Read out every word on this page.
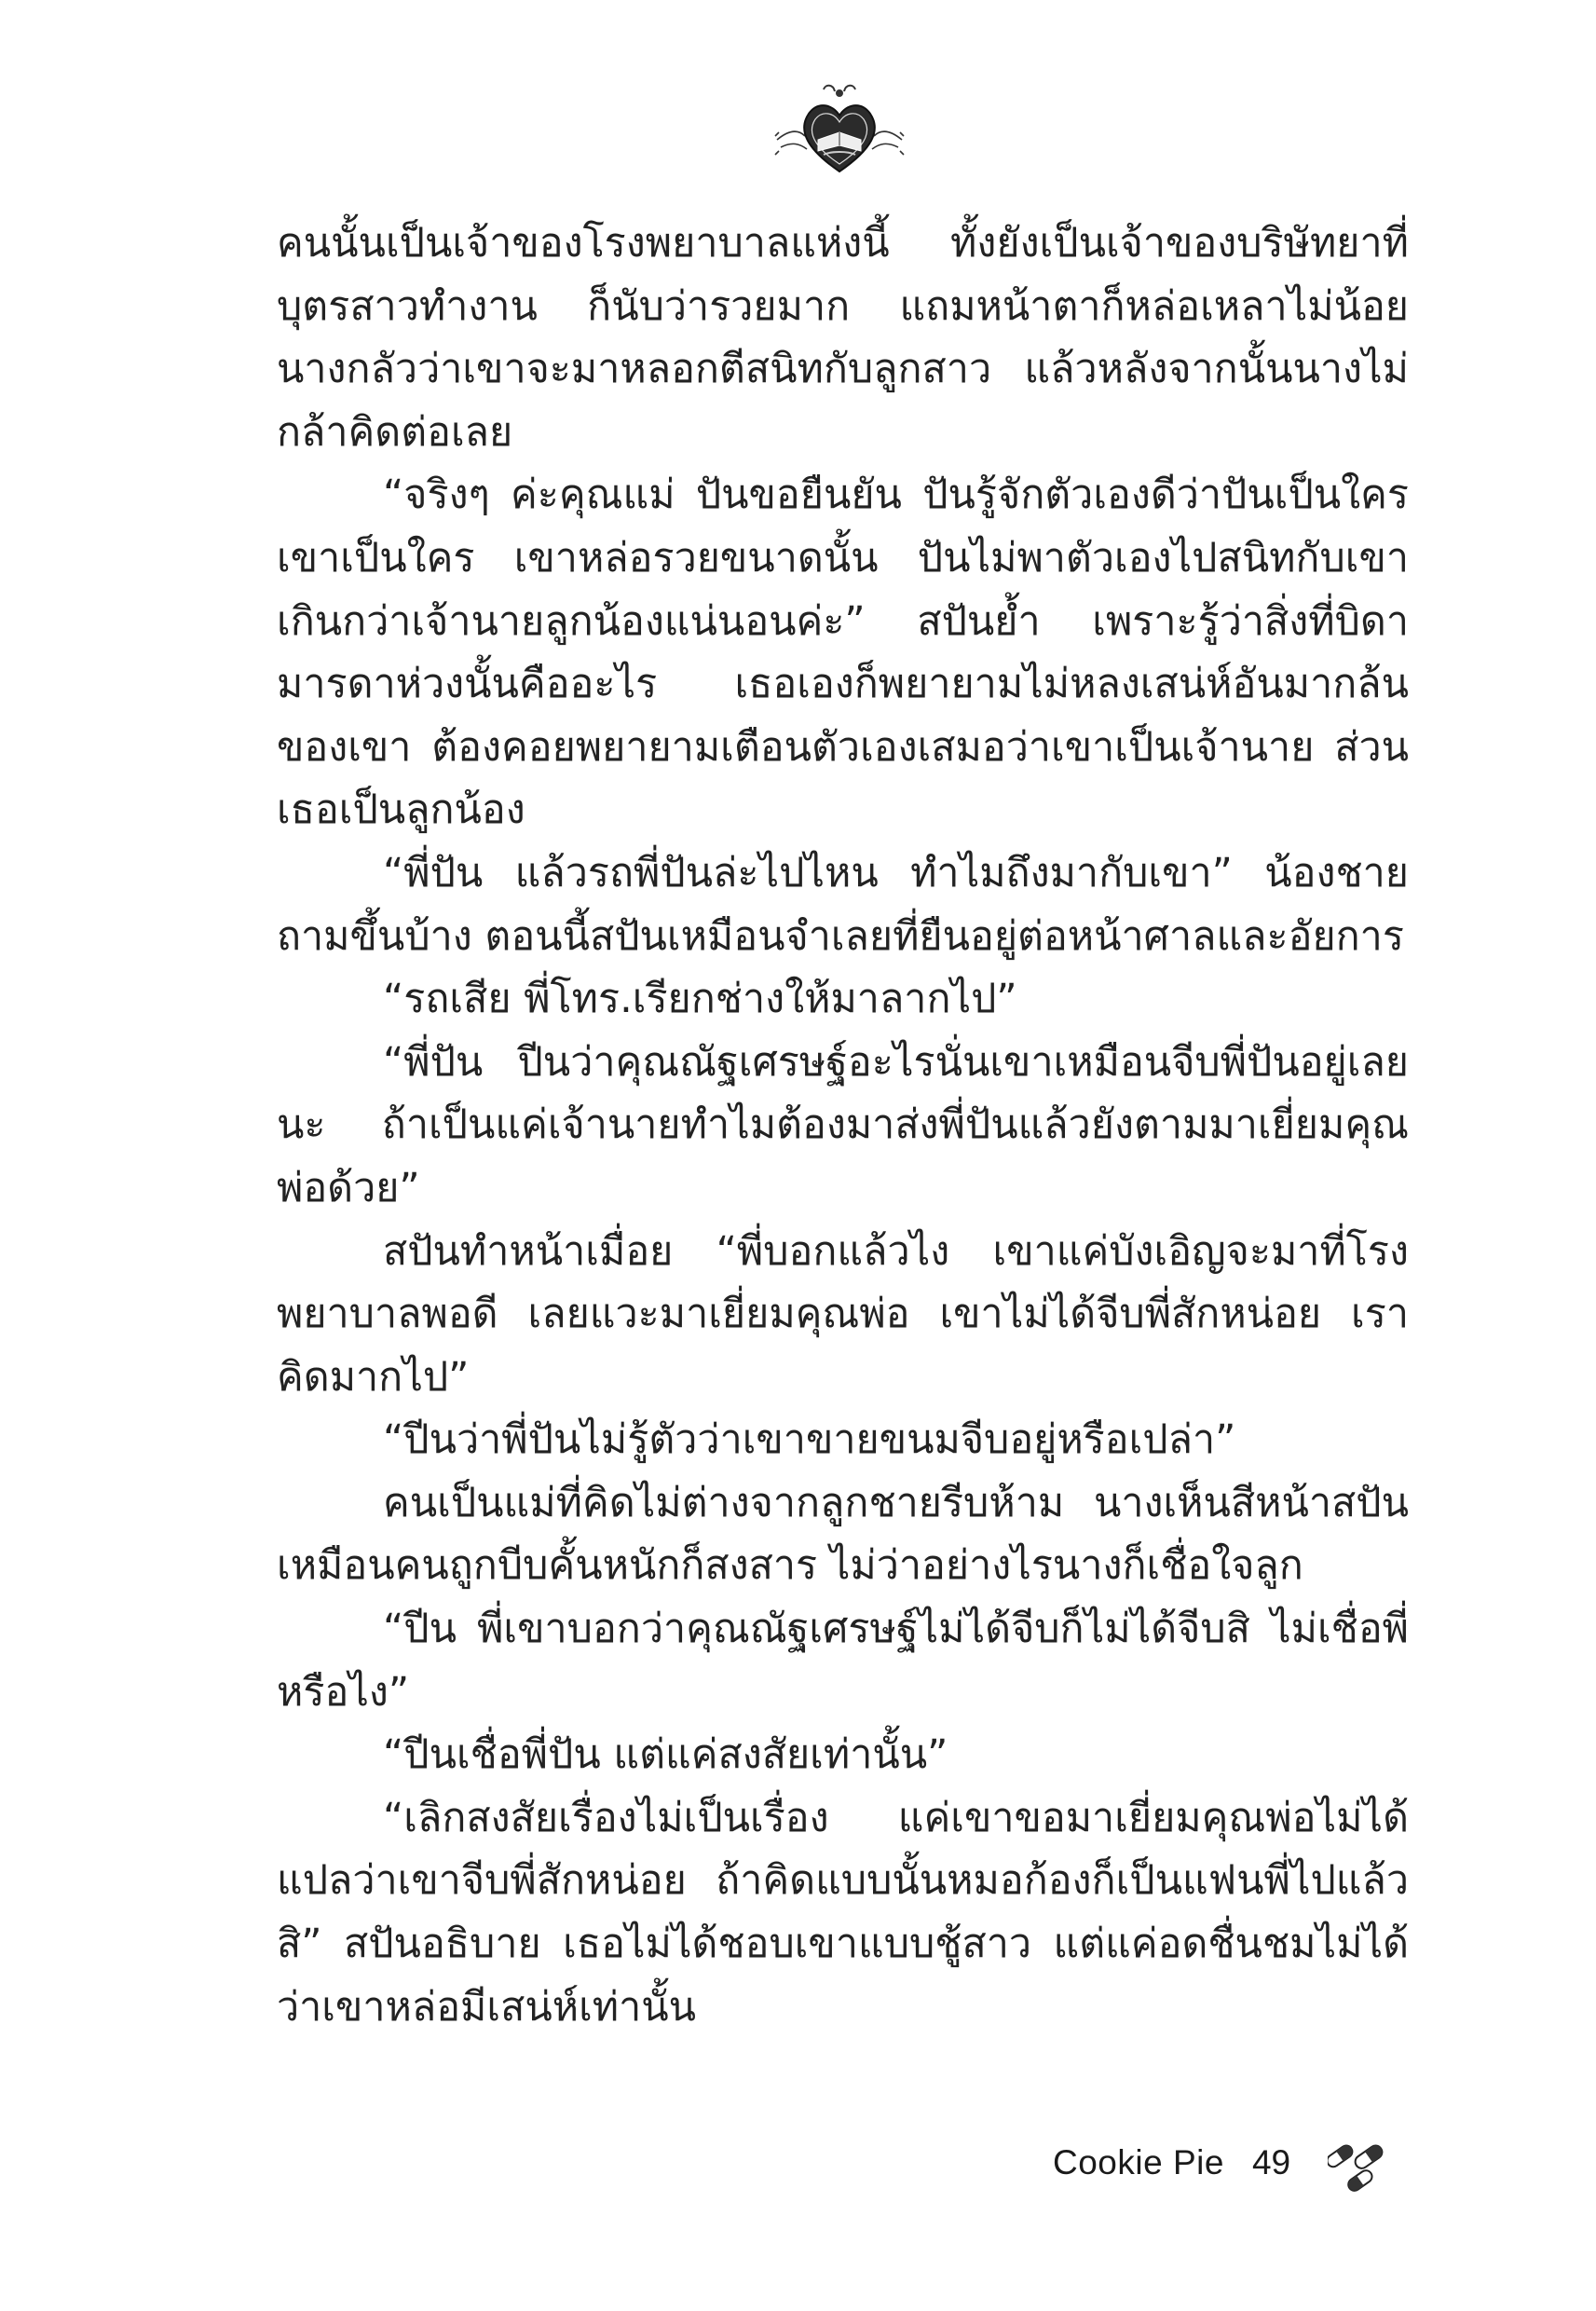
คนนั้นเป็นเจ้าของโรงพยาบาลแห่งนี้ ทั้งยังเป็นเจ้าของบริษัทยาที่บุตรสาวทำงาน ก็นับว่ารวยมาก แถมหน้าตาก็หล่อเหลาไม่น้อย นางกลัวว่าเขาจะมาหลอกตีสนิทกับลูกสาว แล้วหลังจากนั้นนางไม่กล้าคิดต่อเลย

“จริงๆ ค่ะคุณแม่ ปันขอยืนยัน ปันรู้จักตัวเองดีว่าปันเป็นใคร เขาเป็นใคร เขาหล่อรวยขนาดนั้น ปันไม่พาตัวเองไปสนิทกับเขาเกินกว่าเจ้านายลูกน้องแน่นอนค่ะ” สปันย้ำ เพราะรู้ว่าสิ่งที่บิดามารดาห่วงนั้นคืออะไร เธอเองก็พยายามไม่หลงเสน่ห์อันมากล้นของเขา ต้องคอยพยายามเตือนตัวเองเสมอว่าเขาเป็นเจ้านาย ส่วนเธอเป็นลูกน้อง

“พี่ปัน แล้วรถพี่ปันล่ะไปไหน ทำไมถึงมากับเขา” น้องชายถามขึ้นบ้าง ตอนนี้สปันเหมือนจำเลยที่ยืนอยู่ต่อหน้าศาลและอัยการ

“รถเสีย พี่โทร.เรียกช่างให้มาลากไป”

“พี่ปัน ปีนว่าคุณณัฐเศรษฐ์อะไรนั่นเขาเหมือนจีบพี่ปันอยู่เลยนะ ถ้าเป็นแค่เจ้านายทำไมต้องมาส่งพี่ปันแล้วยังตามมาเยี่ยมคุณพ่อด้วย”

สปันทำหน้าเมื่อย “พี่บอกแล้วไง เขาแค่บังเอิญจะมาที่โรงพยาบาลพอดี เลยแวะมาเยี่ยมคุณพ่อ เขาไม่ได้จีบพี่สักหน่อย เราคิดมากไป”

“ปีนว่าพี่ปันไม่รู้ตัวว่าเขาขายขนมจีบอยู่หรือเปล่า”

คนเป็นแม่ที่คิดไม่ต่างจากลูกชายรีบห้าม นางเห็นสีหน้าสปันเหมือนคนถูกบีบคั้นหนักก็สงสาร ไม่ว่าอย่างไรนางก็เชื่อใจลูก

“ปีน พี่เขาบอกว่าคุณณัฐเศรษฐ์ไม่ได้จีบก็ไม่ได้จีบสิ ไม่เชื่อพี่หรือไง”

“ปีนเชื่อพี่ปัน แต่แค่สงสัยเท่านั้น”

“เลิกสงสัยเรื่องไม่เป็นเรื่อง แค่เขาขอมาเยี่ยมคุณพ่อไม่ได้แปลว่าเขาจีบพี่สักหน่อย ถ้าคิดแบบนั้นหมอก้องก็เป็นแฟนพี่ไปแล้วสิ” สปันอธิบาย เธอไม่ได้ชอบเขาแบบชู้สาว แต่แค่อดชื่นชมไม่ได้ว่าเขาหล่อมีเสน่ห์เท่านั้น

Cookie Pie 49
